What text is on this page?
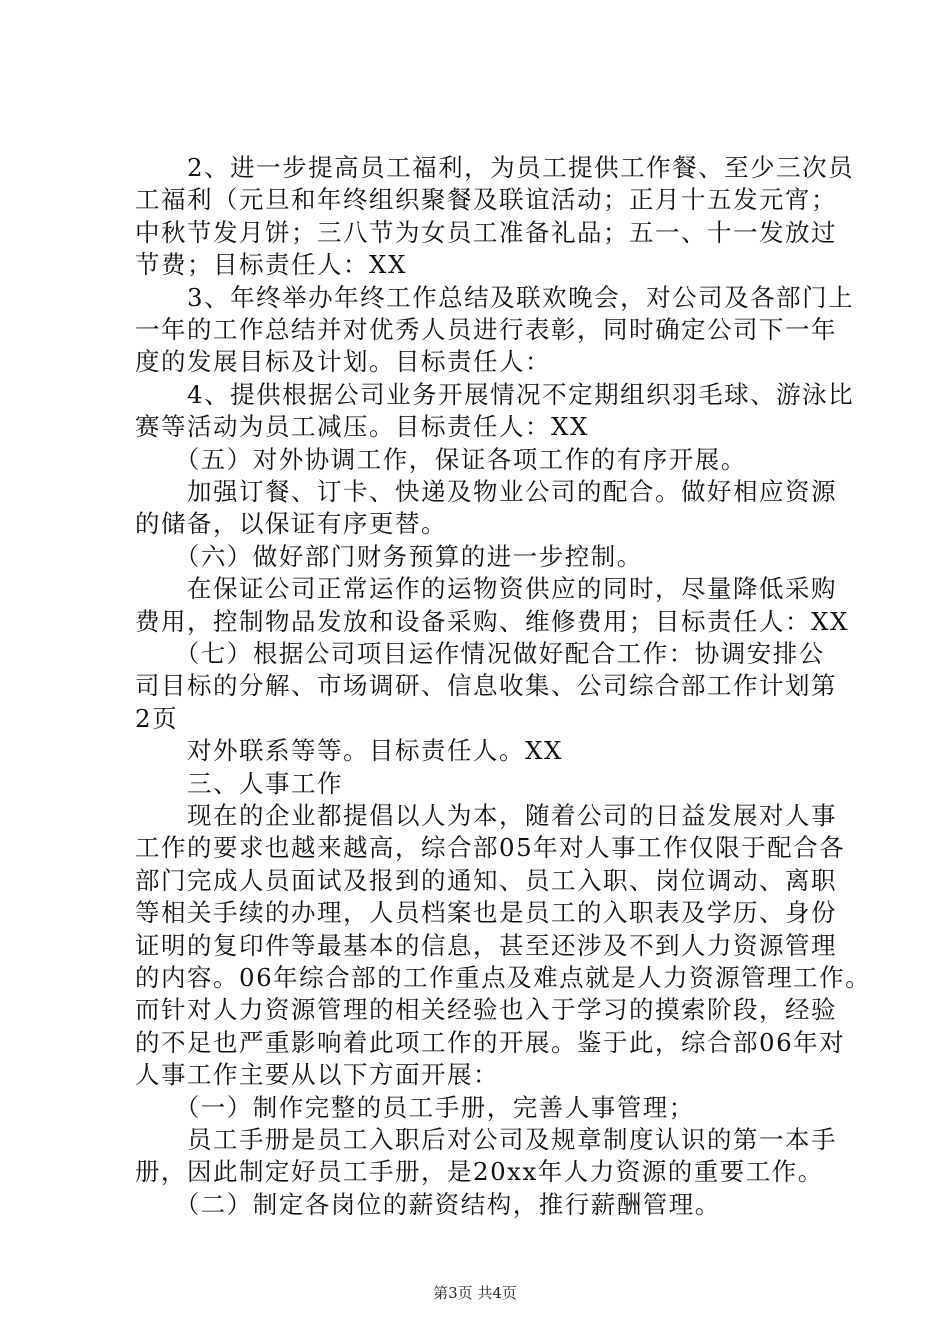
　　2、进一步提高员工福利，为员工提供工作餐、至少三次员
工福利（元旦和年终组织聚餐及联谊活动；正月十五发元宵；
中秋节发月饼；三八节为女员工准备礼品；五一、十一发放过
节费；目标责任人：XX
　　3、年终举办年终工作总结及联欢晚会，对公司及各部门上
一年的工作总结并对优秀人员进行表彰，同时确定公司下一年
度的发展目标及计划。目标责任人：
　　4、提供根据公司业务开展情况不定期组织羽毛球、游泳比
赛等活动为员工减压。目标责任人：XX
　　（五）对外协调工作，保证各项工作的有序开展。
　　加强订餐、订卡、快递及物业公司的配合。做好相应资源
的储备，以保证有序更替。
　　（六）做好部门财务预算的进一步控制。
　　在保证公司正常运作的运物资供应的同时，尽量降低采购
费用，控制物品发放和设备采购、维修费用；目标责任人：XX
　　（七）根据公司项目运作情况做好配合工作：协调安排公
司目标的分解、市场调研、信息收集、公司综合部工作计划第
2页
　　对外联系等等。目标责任人。XX
　　三、人事工作
　　现在的企业都提倡以人为本，随着公司的日益发展对人事
工作的要求也越来越高，综合部05年对人事工作仅限于配合各
部门完成人员面试及报到的通知、员工入职、岗位调动、离职
等相关手续的办理，人员档案也是员工的入职表及学历、身份
证明的复印件等最基本的信息，甚至还涉及不到人力资源管理
的内容。06年综合部的工作重点及难点就是人力资源管理工作。
而针对人力资源管理的相关经验也入于学习的摸索阶段，经验
的不足也严重影响着此项工作的开展。鉴于此，综合部06年对
人事工作主要从以下方面开展：
　　（一）制作完整的员工手册，完善人事管理；
　　员工手册是员工入职后对公司及规章制度认识的第一本手
册，因此制定好员工手册，是20xx年人力资源的重要工作。
　　（二）制定各岗位的薪资结构，推行薪酬管理。
第3页 共4页
